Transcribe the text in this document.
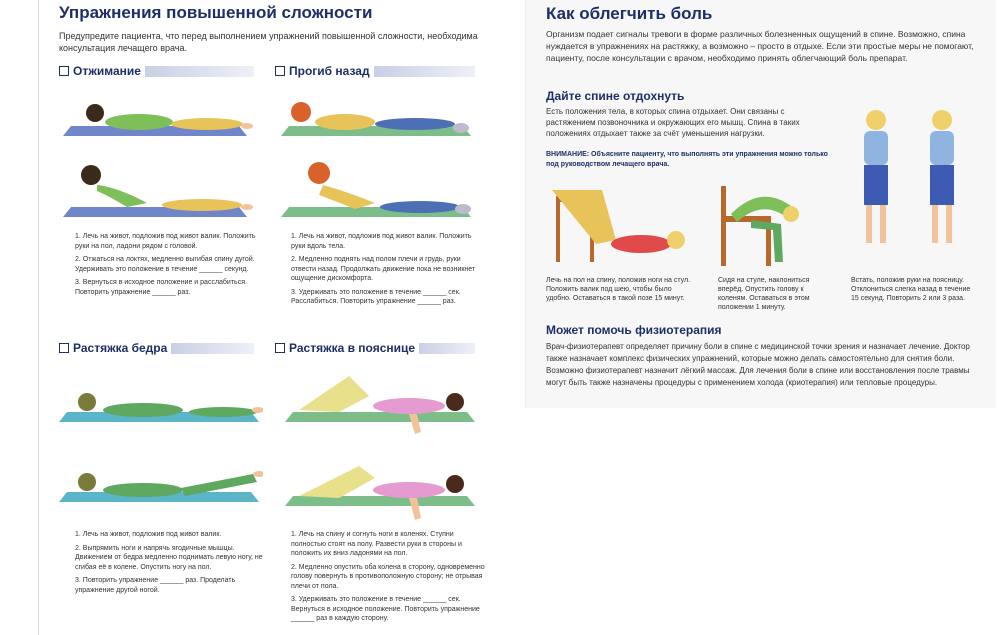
Упражнения повышенной сложности
Предупредите пациента, что перед выполнением упражнений повышенной сложности, необходима консультация лечащего врача.
Отжимание
1. Лечь на живот, подложив под живот валик. Положить руки на пол, ладони рядом с головой.
2. Отжаться на локтях, медленно выгибая спину дугой. Удерживать это положение в течение ______ секунд.
3. Вернуться в исходное положение и расслабиться. Повторить упражнение ______ раз.
Прогиб назад
1. Лечь на живот, подложив под живот валик. Положить руки вдоль тела.
2. Медленно поднять над полом плечи и грудь, руки отвести назад. Продолжать движение пока не возникнет ощущение дискомфорта.
3. Удерживать это положение в течение ______ сек. Расслабиться. Повторить упражнение ______ раз.
Растяжка бедра
1. Лечь на живот, подложив под живот валик.
2. Выпрямить ноги и напрячь ягодичные мышцы. Движением от бедра медленно поднимать левую ногу, не сгибая её в колене. Опустить ногу на пол.
3. Повторить упражнение ______ раз. Проделать упражнение другой ногой.
Растяжка в пояснице
1. Лечь на спину и согнуть ноги в коленях. Ступни полностью стоят на полу. Развести руки в стороны и положить их вниз ладонями на пол.
2. Медленно опустить оба колена в сторону, одновременно голову повернуть в противоположную сторону; не отрывая плечи от пола.
3. Удерживать это положение в течение ______ сек. Вернуться в исходное положение. Повторить упражнение ______ раз в каждую сторону.
Как облегчить боль
Организм подает сигналы тревоги в форме различных болезненных ощущений в спине. Возможно, спина нуждается в упражнениях на растяжку, а возможно – просто в отдыхе. Если эти простые меры не помогают, пациенту, после консультации с врачом, необходимо принять облегчающий боль препарат.
Дайте спине отдохнуть
Есть положения тела, в которых спина отдыхает. Они связаны с растяжением позвоночника и окружающих его мышц. Спина в таких положениях отдыхает также за счёт уменьшения нагрузки.
ВНИМАНИЕ: Объясните пациенту, что выполнять эти упражнения можно только под руководством лечащего врача.
Лечь на пол на спину, положив ноги на стул. Положить валик под шею, чтобы было удобно. Оставаться в такой позе 15 минут.
Сидя на стуле, наклониться вперёд. Опустить голову к коленям. Оставаться в этом положении 1 минуту.
Встать, положив руки на поясницу. Отклониться слегка назад в течение 15 секунд. Повторить 2 или 3 раза.
Может помочь физиотерапия
Врач-физиотерапевт определяет причину боли в спине с медицинской точки зрения и назначает лечение. Доктор также назначает комплекс физических упражнений, которые можно делать самостоятельно для снятия боли. Возможно физиотерапевт назначит лёгкий массаж. Для лечения боли в спине или восстановления после травмы могут быть также назначены процедуры с применением холода (криотерапия) или тепловые процедуры.
